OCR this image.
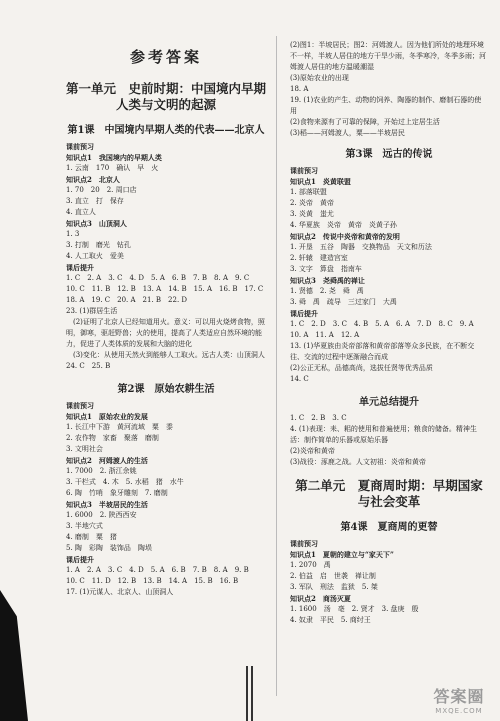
参考答案
第一单元　史前时期：中国境内早期
人类与文明的起源
第1课　中国境内早期人类的代表——北京人
课前预习
知识点1　我国境内的早期人类
1. 云南　170　确认　早　火
知识点2　北京人
1. 70　20　2. 周口店
3. 直立　打　保存
4. 直立人
知识点3　山顶洞人
1. 3
3. 打制　磨光　钻孔
4. 人工取火　爱美
课后提升
1. C　2. A　3. C　4. D　5. A　6. B　7. B　8. A　9. C
10. C　11. B　12. B　13. A　14. B　15. A　16. B　17. C
18. A　19. C　20. A　21. B　22. D
23. (1)群居生活
　(2)证明了北京人已经知道用火。意义：可以用火烧烤食物，照明，御寒，驱赶野兽；火的使用，提高了人类适应自然环境的能力，促进了人类体质的发展和大脑的进化
　(3)变化：从使用天然火到能够人工取火。远古人类：山顶洞人
24. C　25. B
第2课　原始农耕生活
课前预习
知识点1　原始农业的发展
1. 长江中下游　黄河流域　粟　黍
2. 农作物　家畜　聚落　磨制
3. 文明社会
知识点2　河姆渡人的生活
1. 7000　2. 浙江余姚
3. 干栏式　4. 木　5. 水稻　猪　水牛
6. 陶　竹哨　象牙雕刻　7. 磨制
知识点3　半坡居民的生活
1. 6000　2. 陕西西安
3. 半地穴式
4. 磨制　粟　猪
5. 陶　彩陶　装饰品　陶埙
课后提升
1. A　2. A　3. C　4. D　5. A　6. B　7. B　8. A　9. B
10. C　11. D　12. B　13. B　14. A　15. B　16. B
17. (1)元谋人、北京人、山顶洞人
(2)图1：半坡居民；图2：河姆渡人。因为他们所处的地理环境不一样，半坡人居住的地方干旱少雨，冬季寒冷，冬季多雨；河姆渡人居住的地方温暖潮湿
(3)原始农业的出现
18. A
19. (1)农业的产生、动物的饲养、陶器的制作、磨制石器的使用
(2)食物来源有了可靠的保障，开始过上定居生活
(3)稻——河姆渡人，粟——半坡居民
第3课　远古的传说
课前预习
知识点1　炎黄联盟
1. 部落联盟
2. 炎帝　黄帝
3. 炎黄　蚩尤
4. 华夏族　炎帝　黄帝　炎黄子孙
知识点2　传说中炎帝和黄帝的发明
1. 开垦　五谷　陶器　交换物品　天文和历法
2. 轩辕　建造宫室
3. 文字　算盘　指南车
知识点3　尧舜禹的禅让
1. 贤德　2. 尧　舜　禹
3. 舜　禹　疏导　三过家门　大禹
课后提升
1. C　2. D　3. C　4. B　5. A　6. A　7. D　8. C　9. A
10. A　11. A　12. A
13. (1)华夏族由炎帝部落和黄帝部落等众多民族，在不断交往、交流的过程中逐渐融合而成
(2)公正无私，品德高尚，选拔任贤等优秀品质
14. C
单元总结提升
1. C　2. B　3. C
4. (1)表现：耒、耜的使用和普遍使用；粮食的储备。精神生活：制作简单的乐器或原始乐器
(2)炎帝和黄帝
(3)战役：涿鹿之战。人文初祖：炎帝和黄帝
第二单元　夏商周时期：早期国家
与社会变革
第4课　夏商周的更替
课前预习
知识点1　夏朝的建立与“家天下”
1. 2070　禹
2. 伯益　启　世袭　禅让制
3. 军队　刑法　监狱　5. 桀
知识点2　商汤灭夏
1. 1600　汤　亳　2. 贤才　3. 盘庚　殷
4. 奴隶　平民　5. 商纣王
答案圈
MXQE.COM
